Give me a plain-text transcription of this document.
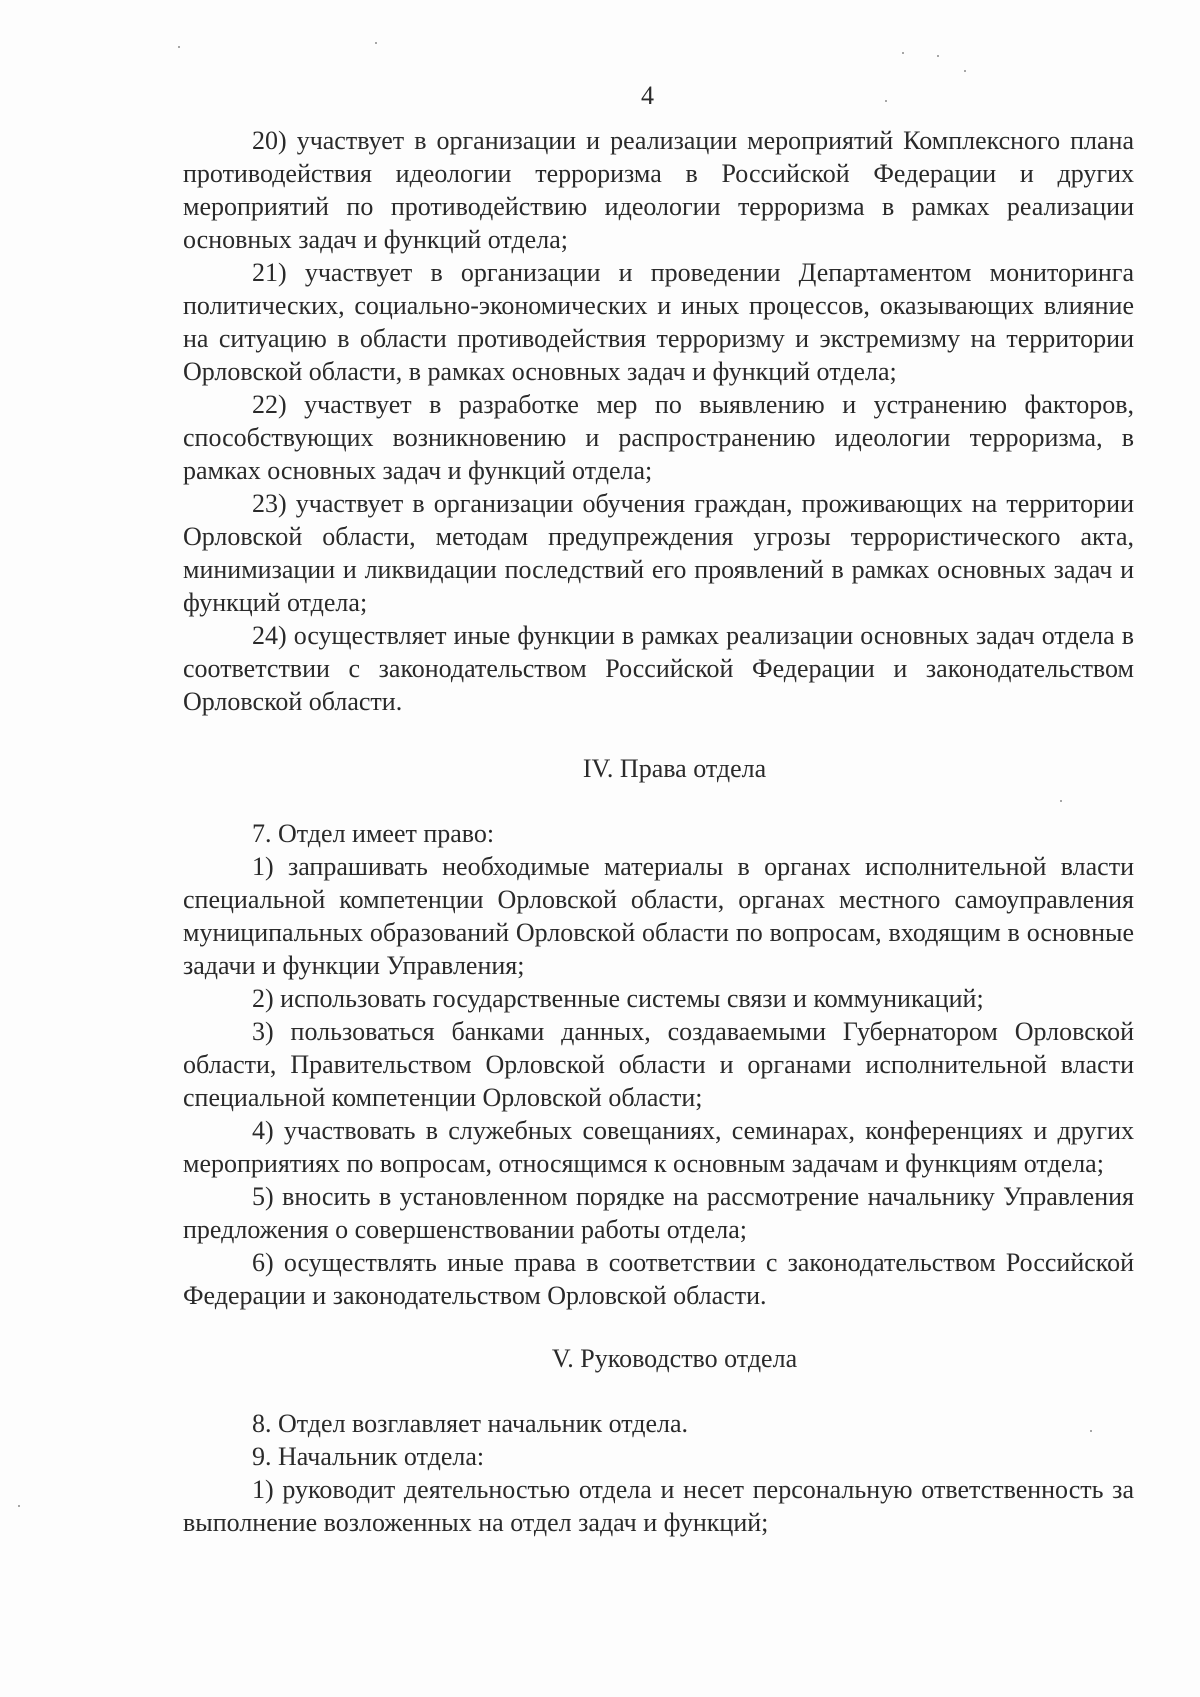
4

20) участвует в организации и реализации мероприятий Комплексного плана противодействия идеологии терроризма в Российской Федерации и других мероприятий по противодействию идеологии терроризма в рамках реализации основных задач и функций отдела;

21) участвует в организации и проведении Департаментом мониторинга политических, социально-экономических и иных процессов, оказывающих влияние на ситуацию в области противодействия терроризму и экстремизму на территории Орловской области, в рамках основных задач и функций отдела;

22) участвует в разработке мер по выявлению и устранению факторов, способствующих возникновению и распространению идеологии терроризма, в рамках основных задач и функций отдела;

23) участвует в организации обучения граждан, проживающих на территории Орловской области, методам предупреждения угрозы террористического акта, минимизации и ликвидации последствий его проявлений в рамках основных задач и функций отдела;

24) осуществляет иные функции в рамках реализации основных задач отдела в соответствии с законодательством Российской Федерации и законодательством Орловской области.

IV. Права отдела

7. Отдел имеет право:

1) запрашивать необходимые материалы в органах исполнительной власти специальной компетенции Орловской области, органах местного самоуправления муниципальных образований Орловской области по вопросам, входящим в основные задачи и функции Управления;

2) использовать государственные системы связи и коммуникаций;

3) пользоваться банками данных, создаваемыми Губернатором Орловской области, Правительством Орловской области и органами исполнительной власти специальной компетенции Орловской области;

4) участвовать в служебных совещаниях, семинарах, конференциях и других мероприятиях по вопросам, относящимся к основным задачам и функциям отдела;

5) вносить в установленном порядке на рассмотрение начальнику Управления предложения о совершенствовании работы отдела;

6) осуществлять иные права в соответствии с законодательством Российской Федерации и законодательством Орловской области.

V. Руководство отдела

8. Отдел возглавляет начальник отдела.

9. Начальник отдела:

1) руководит деятельностью отдела и несет персональную ответственность за выполнение возложенных на отдел задач и функций;
